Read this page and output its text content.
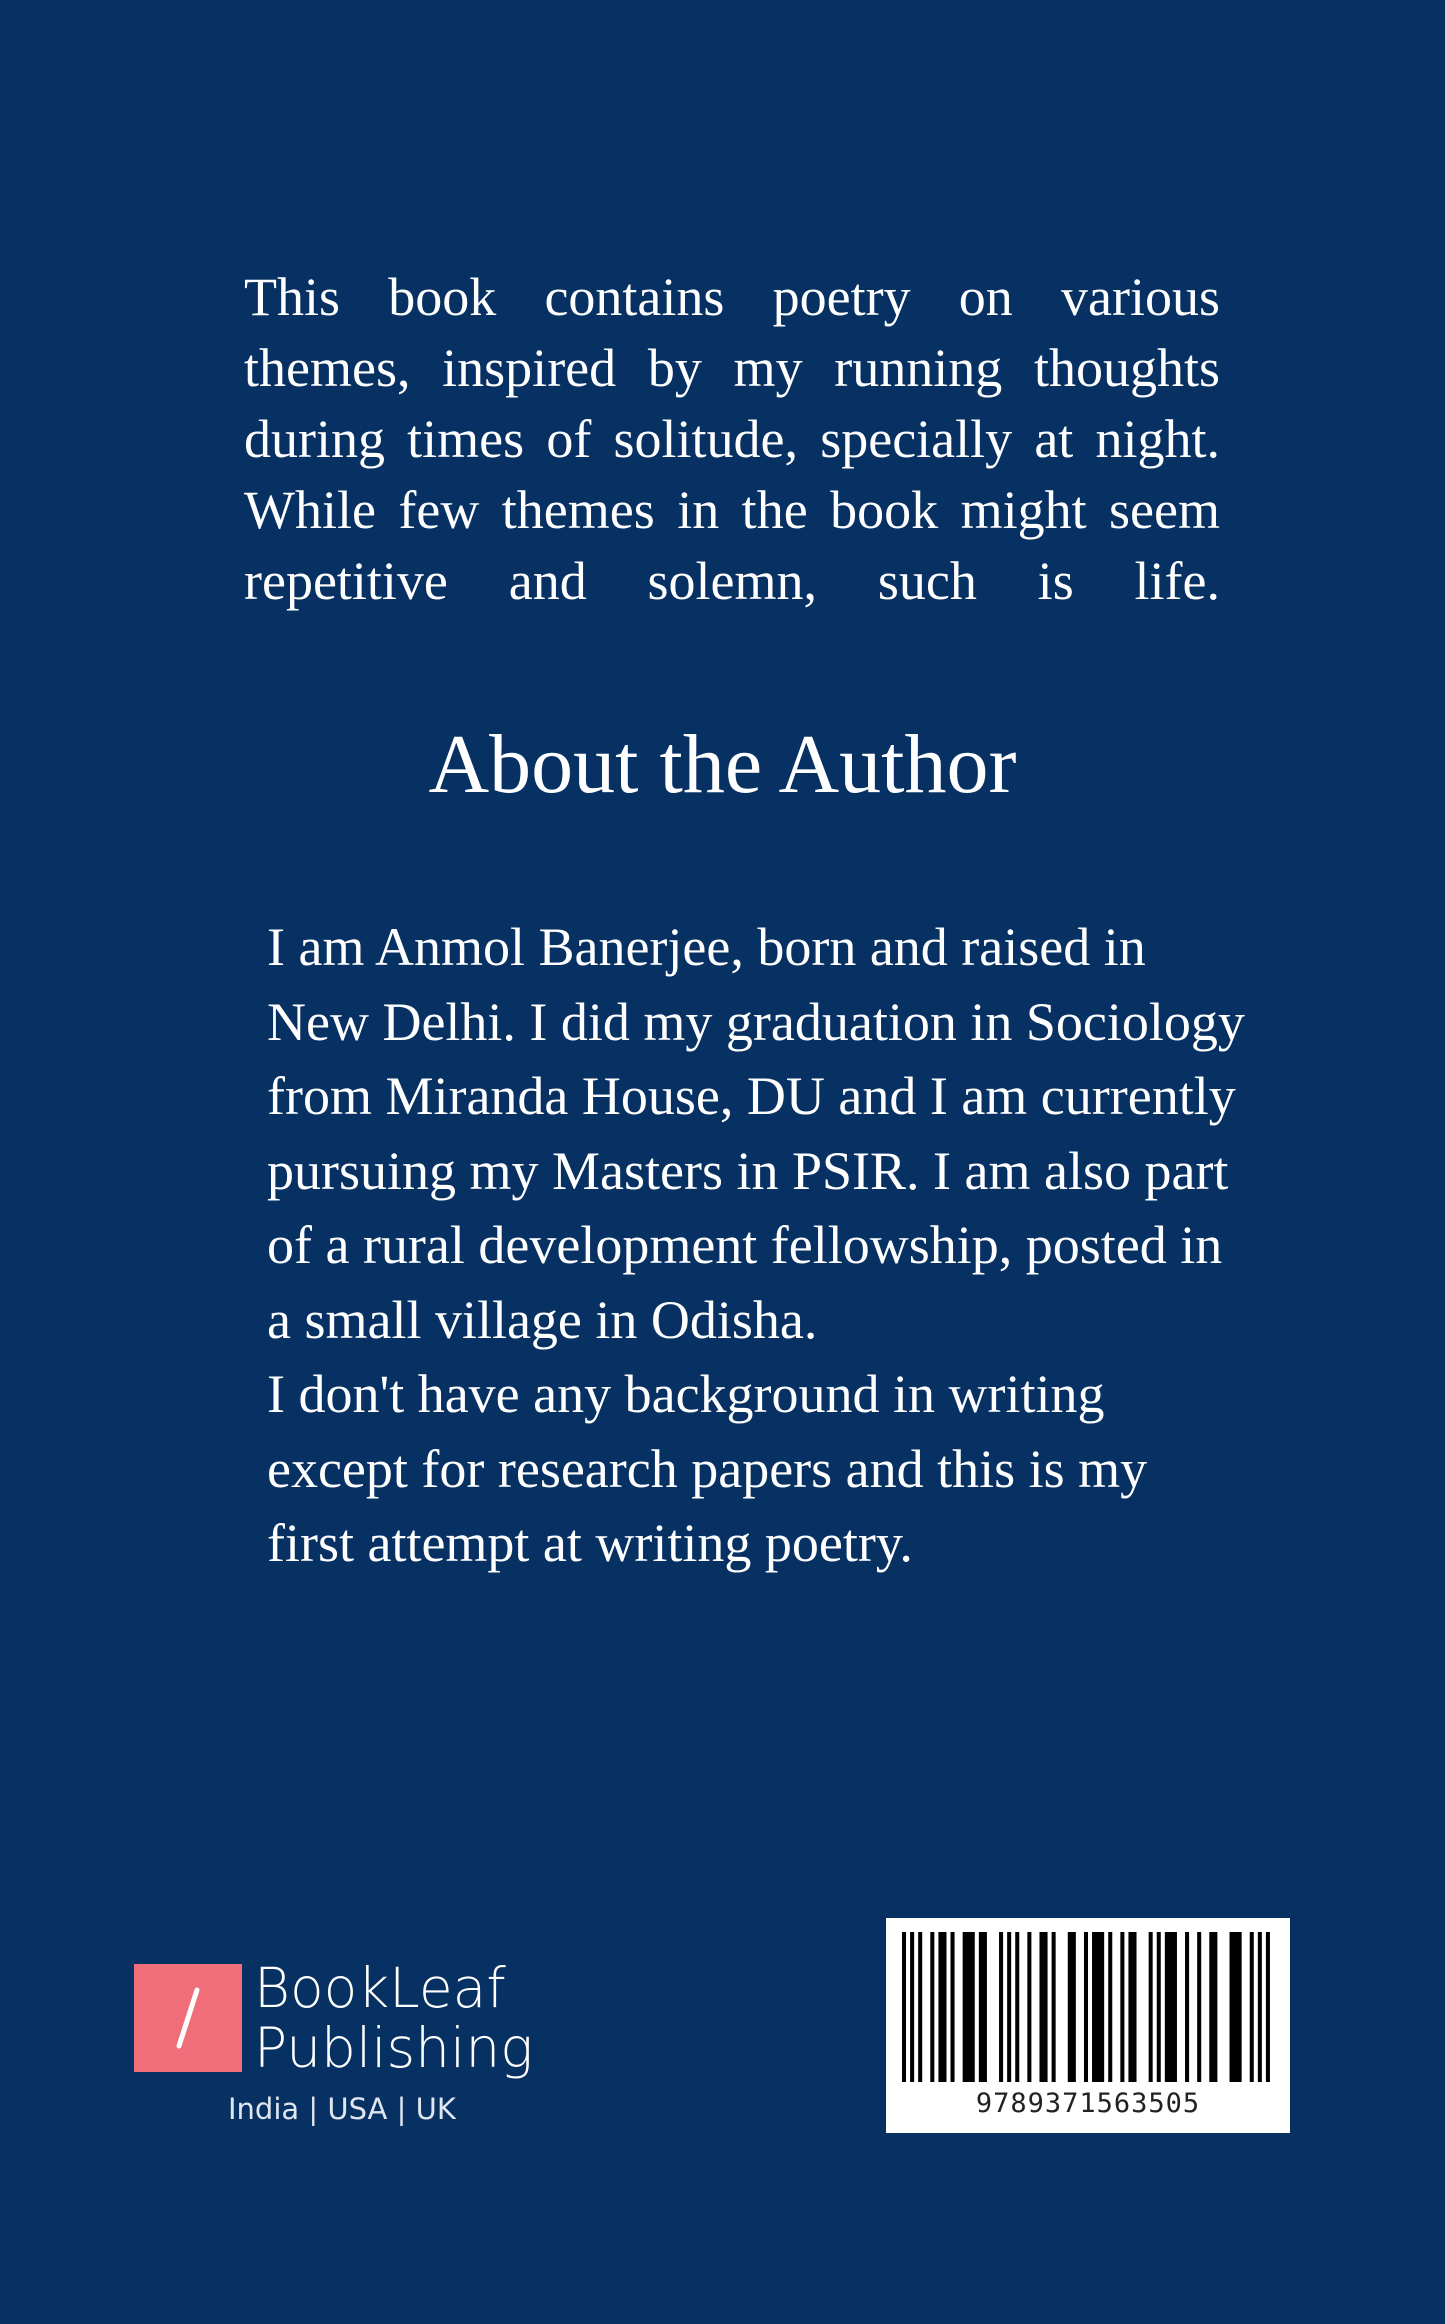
This book contains poetry on various themes, inspired by my running thoughts during times of solitude, specially at night. While few themes in the book might seem repetitive and solemn, such is life.
About the Author

I am Anmol Banerjee, born and raised in New Delhi. I did my graduation in Sociology from Miranda House, DU and I am currently pursuing my Masters in PSIR. I am also part of a rural development fellowship, posted in a small village in Odisha.

I don't have any background in writing except for research papers and this is my first attempt at writing poetry.

BookLeaf
Publishing
India | USA | UK	9789371563505
